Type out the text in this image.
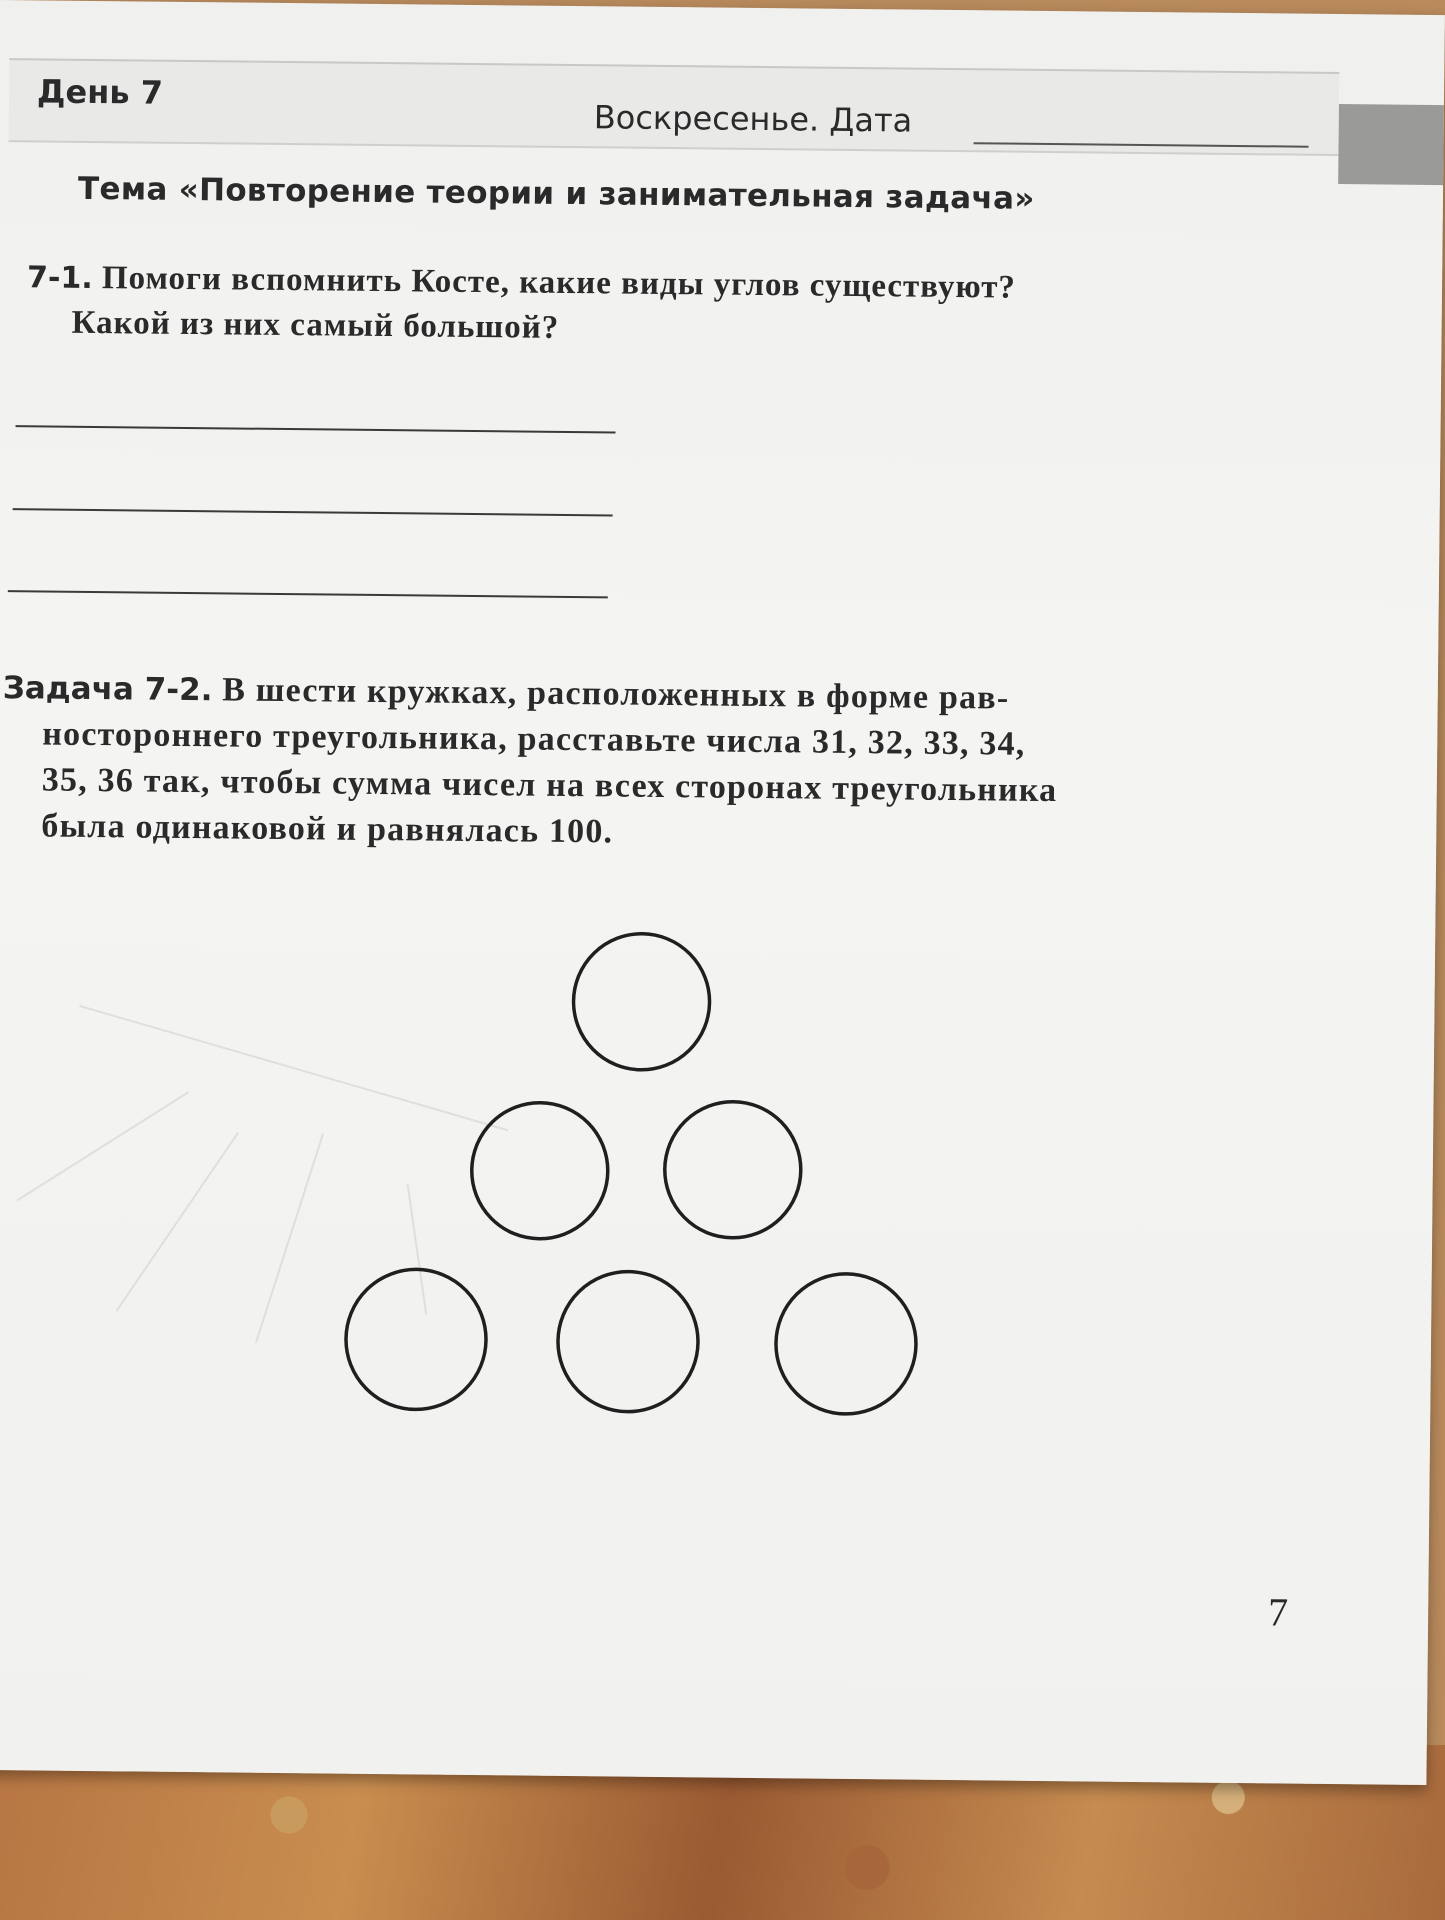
День 7
Воскресенье. Дата
Тема «Повторение теории и занимательная задача»
7-1. Помоги вспомнить Косте, какие виды углов существуют?
Какой из них самый большой?
Задача 7-2. В шести кружках, расположенных в форме рав-
ностороннего треугольника, расставьте числа 31, 32, 33, 34,
35, 36 так, чтобы сумма чисел на всех сторонах треугольника
была одинаковой и равнялась 100.
7
